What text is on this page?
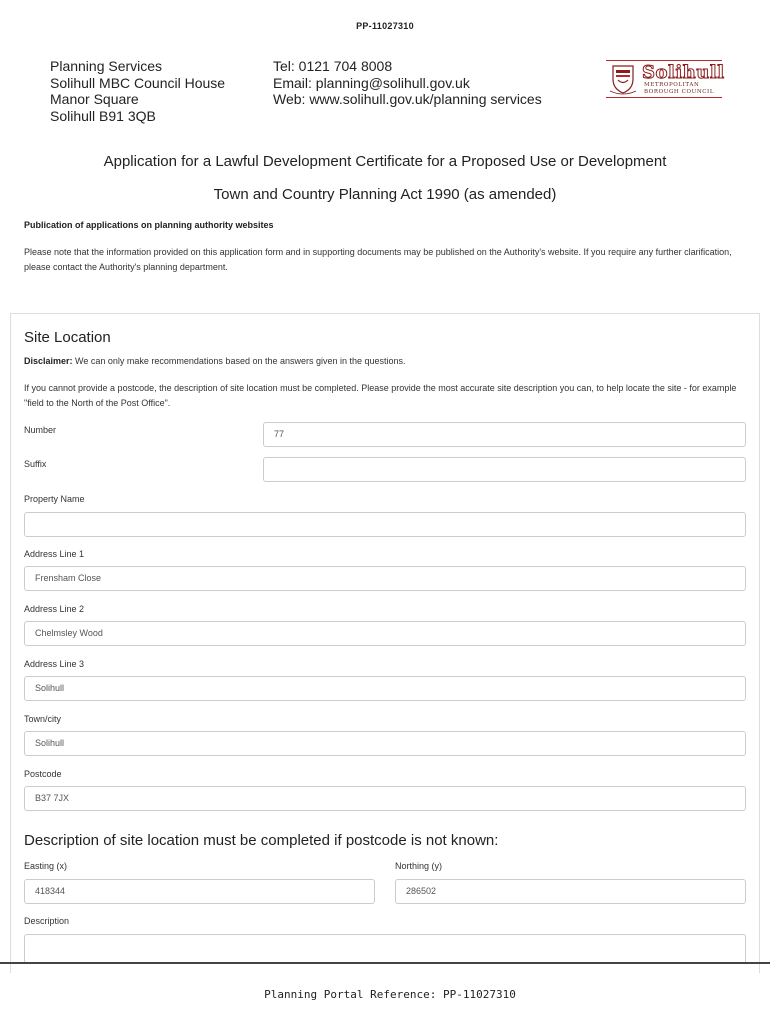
PP-11027310
Planning Services
Solihull MBC Council House
Manor Square
Solihull B91 3QB
Tel: 0121 704 8008
Email: planning@solihull.gov.uk
Web: www.solihull.gov.uk/planning services
Solihull
METROPOLITAN BOROUGH COUNCIL
Application for a Lawful Development Certificate for a Proposed Use or Development
Town and Country Planning Act 1990 (as amended)
Publication of applications on planning authority websites
Please note that the information provided on this application form and in supporting documents may be published on the Authority's website. If you require any further clarification, please contact the Authority's planning department.
Site Location
Disclaimer: We can only make recommendations based on the answers given in the questions.
If you cannot provide a postcode, the description of site location must be completed. Please provide the most accurate site description you can, to help locate the site - for example "field to the North of the Post Office".
Number	77
Suffix
Property Name
Address Line 1
Frensham Close
Address Line 2
Chelmsley Wood
Address Line 3
Solihull
Town/city
Solihull
Postcode
B37 7JX
Description of site location must be completed if postcode is not known:
Easting (x)
418344
Northing (y)
286502
Description
Planning Portal Reference: PP-11027310
